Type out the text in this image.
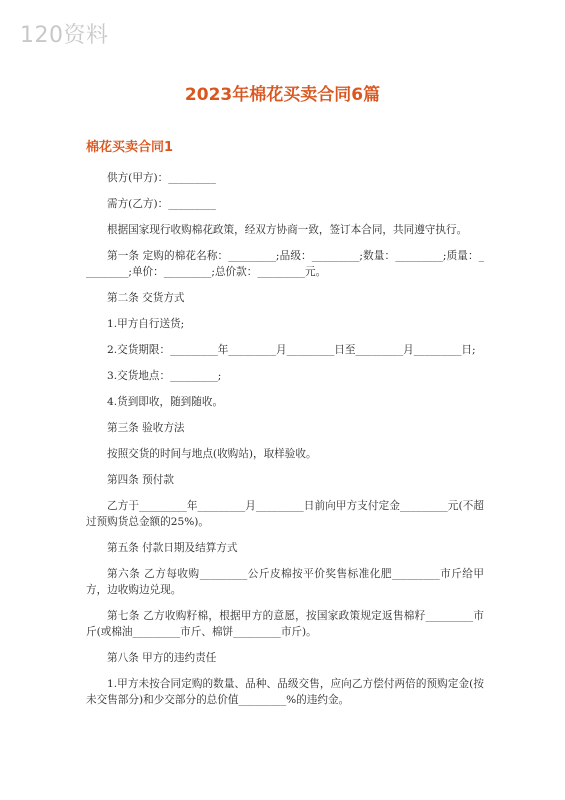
120资料
2023年棉花买卖合同6篇
棉花买卖合同1

供方(甲方)：_________

需方(乙方)：_________

根据国家现行收购棉花政策，经双方协商一致，签订本合同，共同遵守执行。

第一条 定购的棉花名称：_________;品级：_________;数量：_________;质量：_________;单价：_________;总价款：_________元。

第二条 交货方式

1.甲方自行送货;

2.交货期限：_________年_________月_________日至_________月_________日;

3.交货地点：_________;

4.货到即收，随到随收。

第三条 验收方法

按照交货的时间与地点(收购站)，取样验收。

第四条 预付款

乙方于_________年_________月_________日前向甲方支付定金_________元(不超过预购货总金额的25%)。

第五条 付款日期及结算方式

第六条 乙方每收购_________公斤皮棉按平价奖售标准化肥_________市斤给甲方，边收购边兑现。

第七条 乙方收购籽棉，根据甲方的意愿，按国家政策规定返售棉籽_________市斤(或棉油_________市斤、棉饼_________市斤)。

第八条 甲方的违约责任

1.甲方未按合同定购的数量、品种、品级交售，应向乙方偿付两倍的预购定金(按未交售部分)和少交部分的总价值_________%的违约金。
